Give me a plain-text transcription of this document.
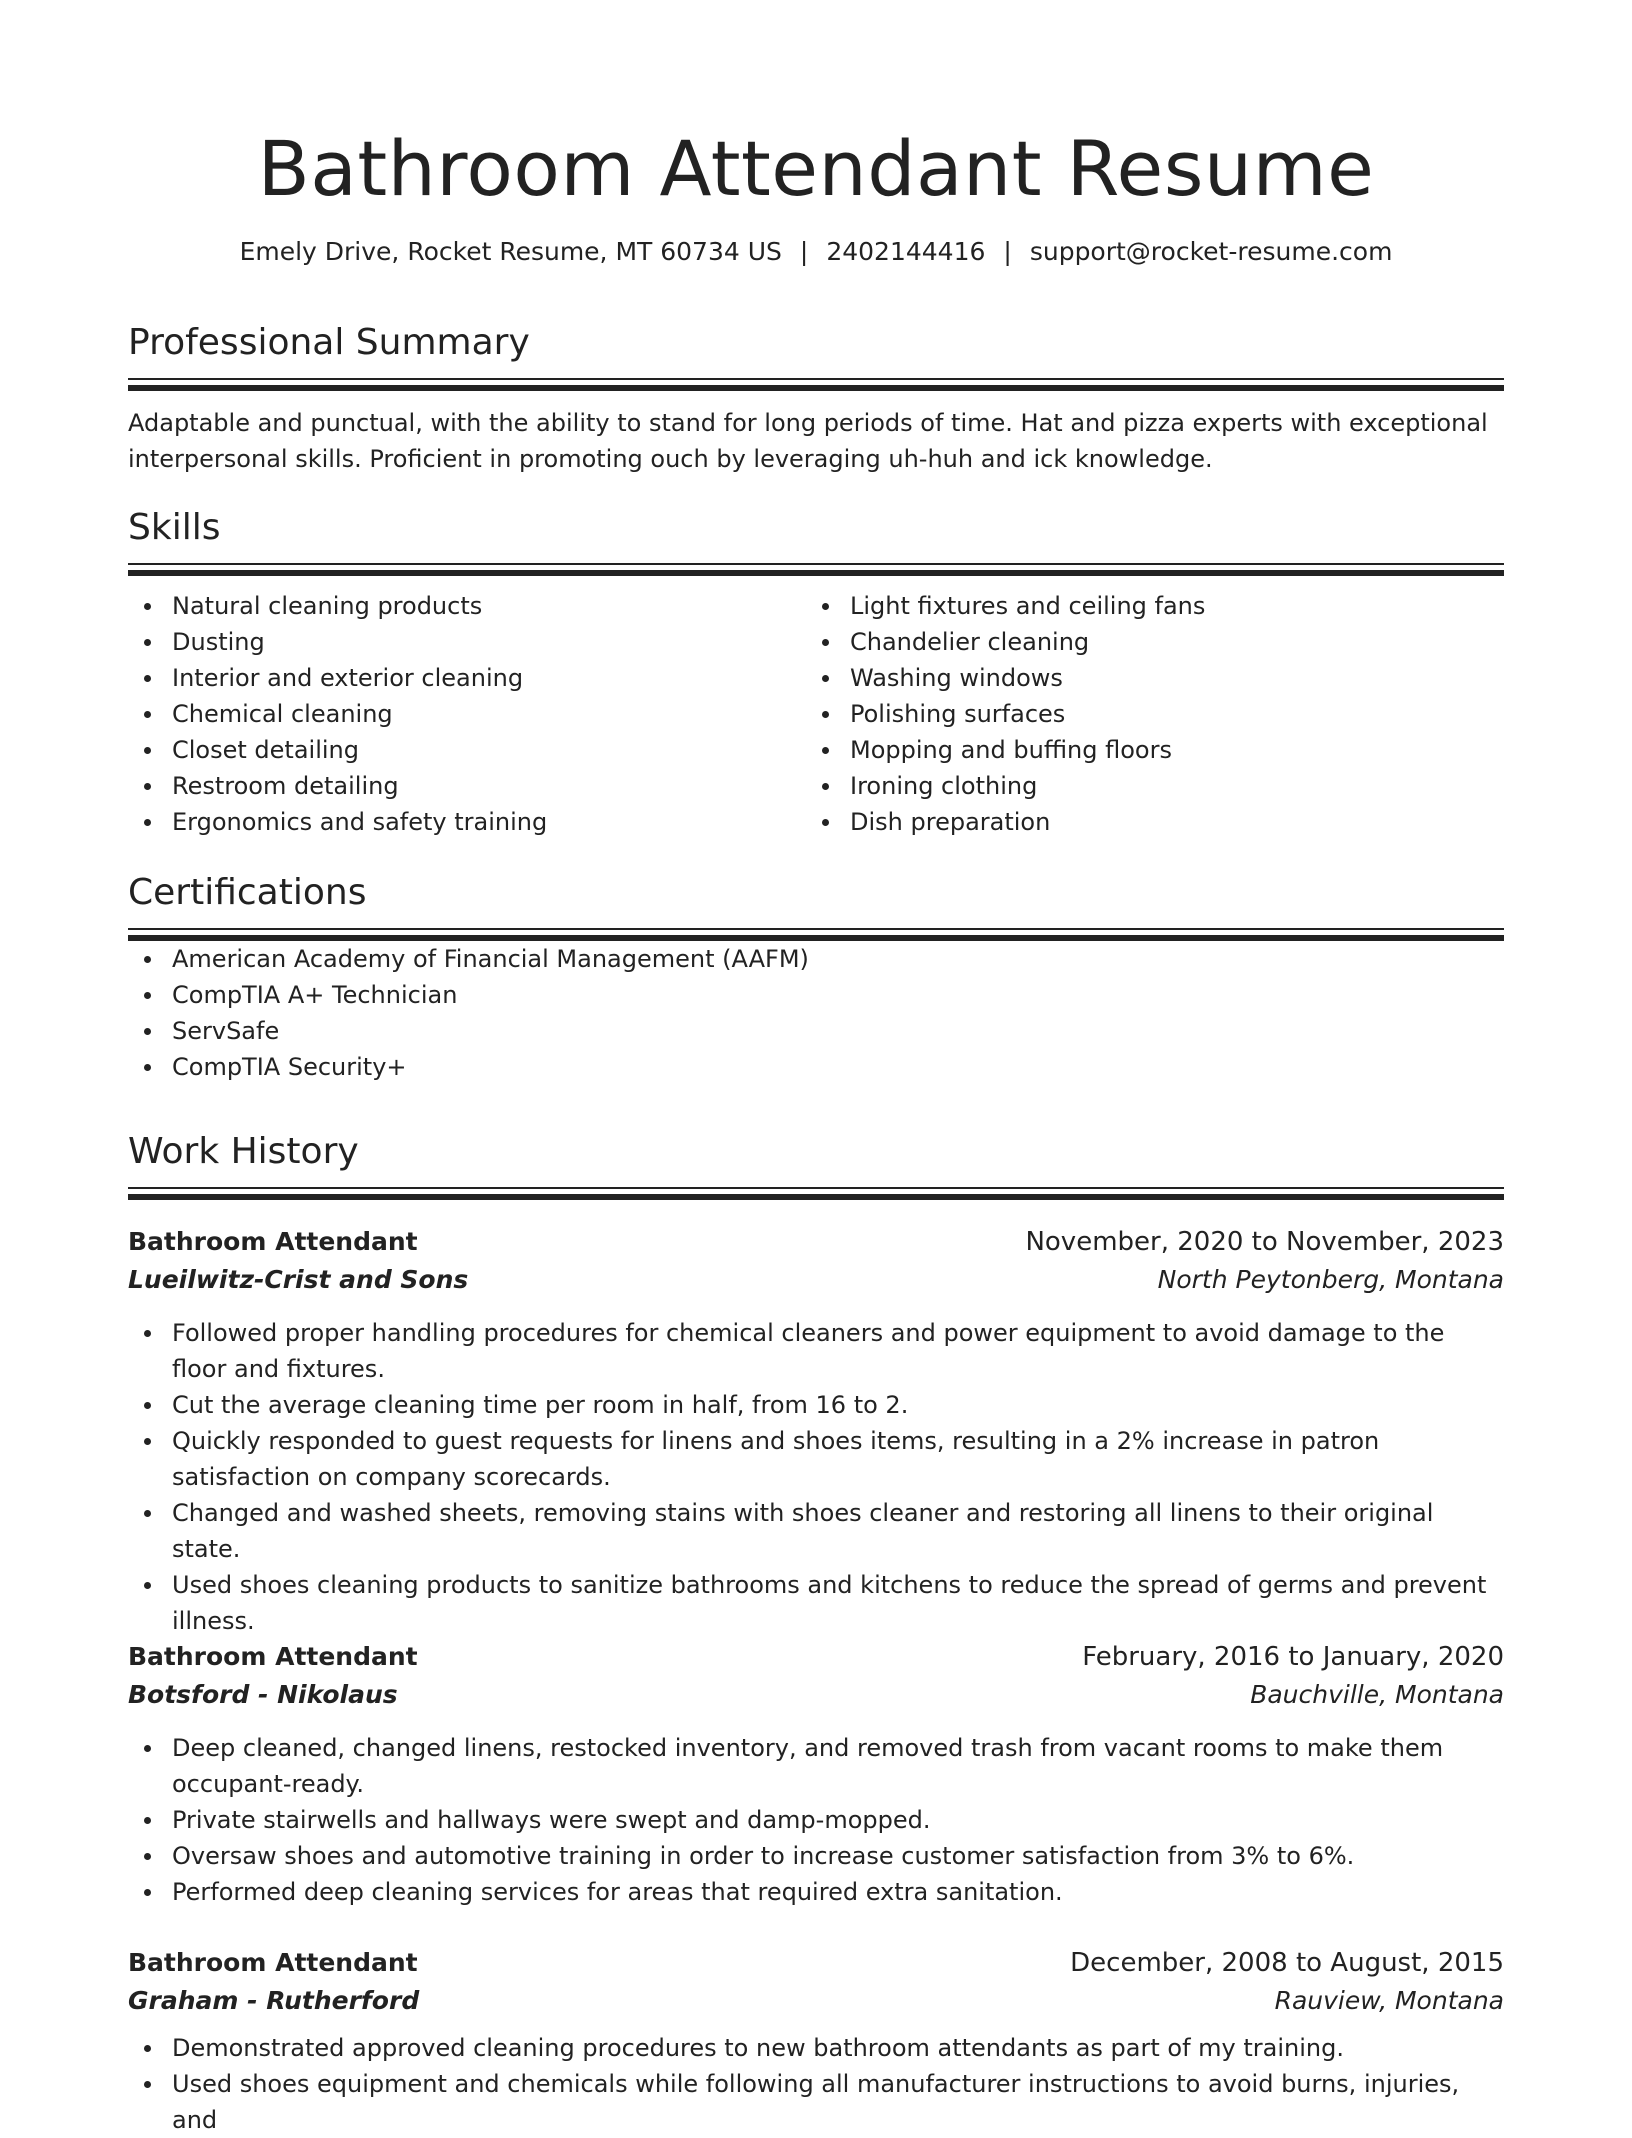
Bathroom Attendant Resume
Emely Drive, Rocket Resume, MT 60734 US | 2402144416 | support@rocket-resume.com
Professional Summary

Adaptable and punctual, with the ability to stand for long periods of time. Hat and pizza experts with exceptional interpersonal skills. Proficient in promoting ouch by leveraging uh-huh and ick knowledge.

Skills
Natural cleaning products
Dusting
Interior and exterior cleaning
Chemical cleaning
Closet detailing
Restroom detailing
Ergonomics and safety training
Light fixtures and ceiling fans
Chandelier cleaning
Washing windows
Polishing surfaces
Mopping and buffing floors
Ironing clothing
Dish preparation
Certifications
American Academy of Financial Management (AAFM)
CompTIA A+ Technician
ServSafe
CompTIA Security+
Work History
Bathroom Attendant	November, 2020 to November, 2023
Lueilwitz-Crist and Sons	North Peytonberg, Montana
Followed proper handling procedures for chemical cleaners and power equipment to avoid damage to the floor and fixtures.
Cut the average cleaning time per room in half, from 16 to 2.
Quickly responded to guest requests for linens and shoes items, resulting in a 2% increase in patron satisfaction on company scorecards.
Changed and washed sheets, removing stains with shoes cleaner and restoring all linens to their original state.
Used shoes cleaning products to sanitize bathrooms and kitchens to reduce the spread of germs and prevent illness.
Bathroom Attendant	February, 2016 to January, 2020
Botsford - Nikolaus	Bauchville, Montana
Deep cleaned, changed linens, restocked inventory, and removed trash from vacant rooms to make them occupant-ready.
Private stairwells and hallways were swept and damp-mopped.
Oversaw shoes and automotive training in order to increase customer satisfaction from 3% to 6%.
Performed deep cleaning services for areas that required extra sanitation.
Bathroom Attendant	December, 2008 to August, 2015
Graham - Rutherford	Rauview, Montana
Demonstrated approved cleaning procedures to new bathroom attendants as part of my training.
Used shoes equipment and chemicals while following all manufacturer instructions to avoid burns, injuries, and
